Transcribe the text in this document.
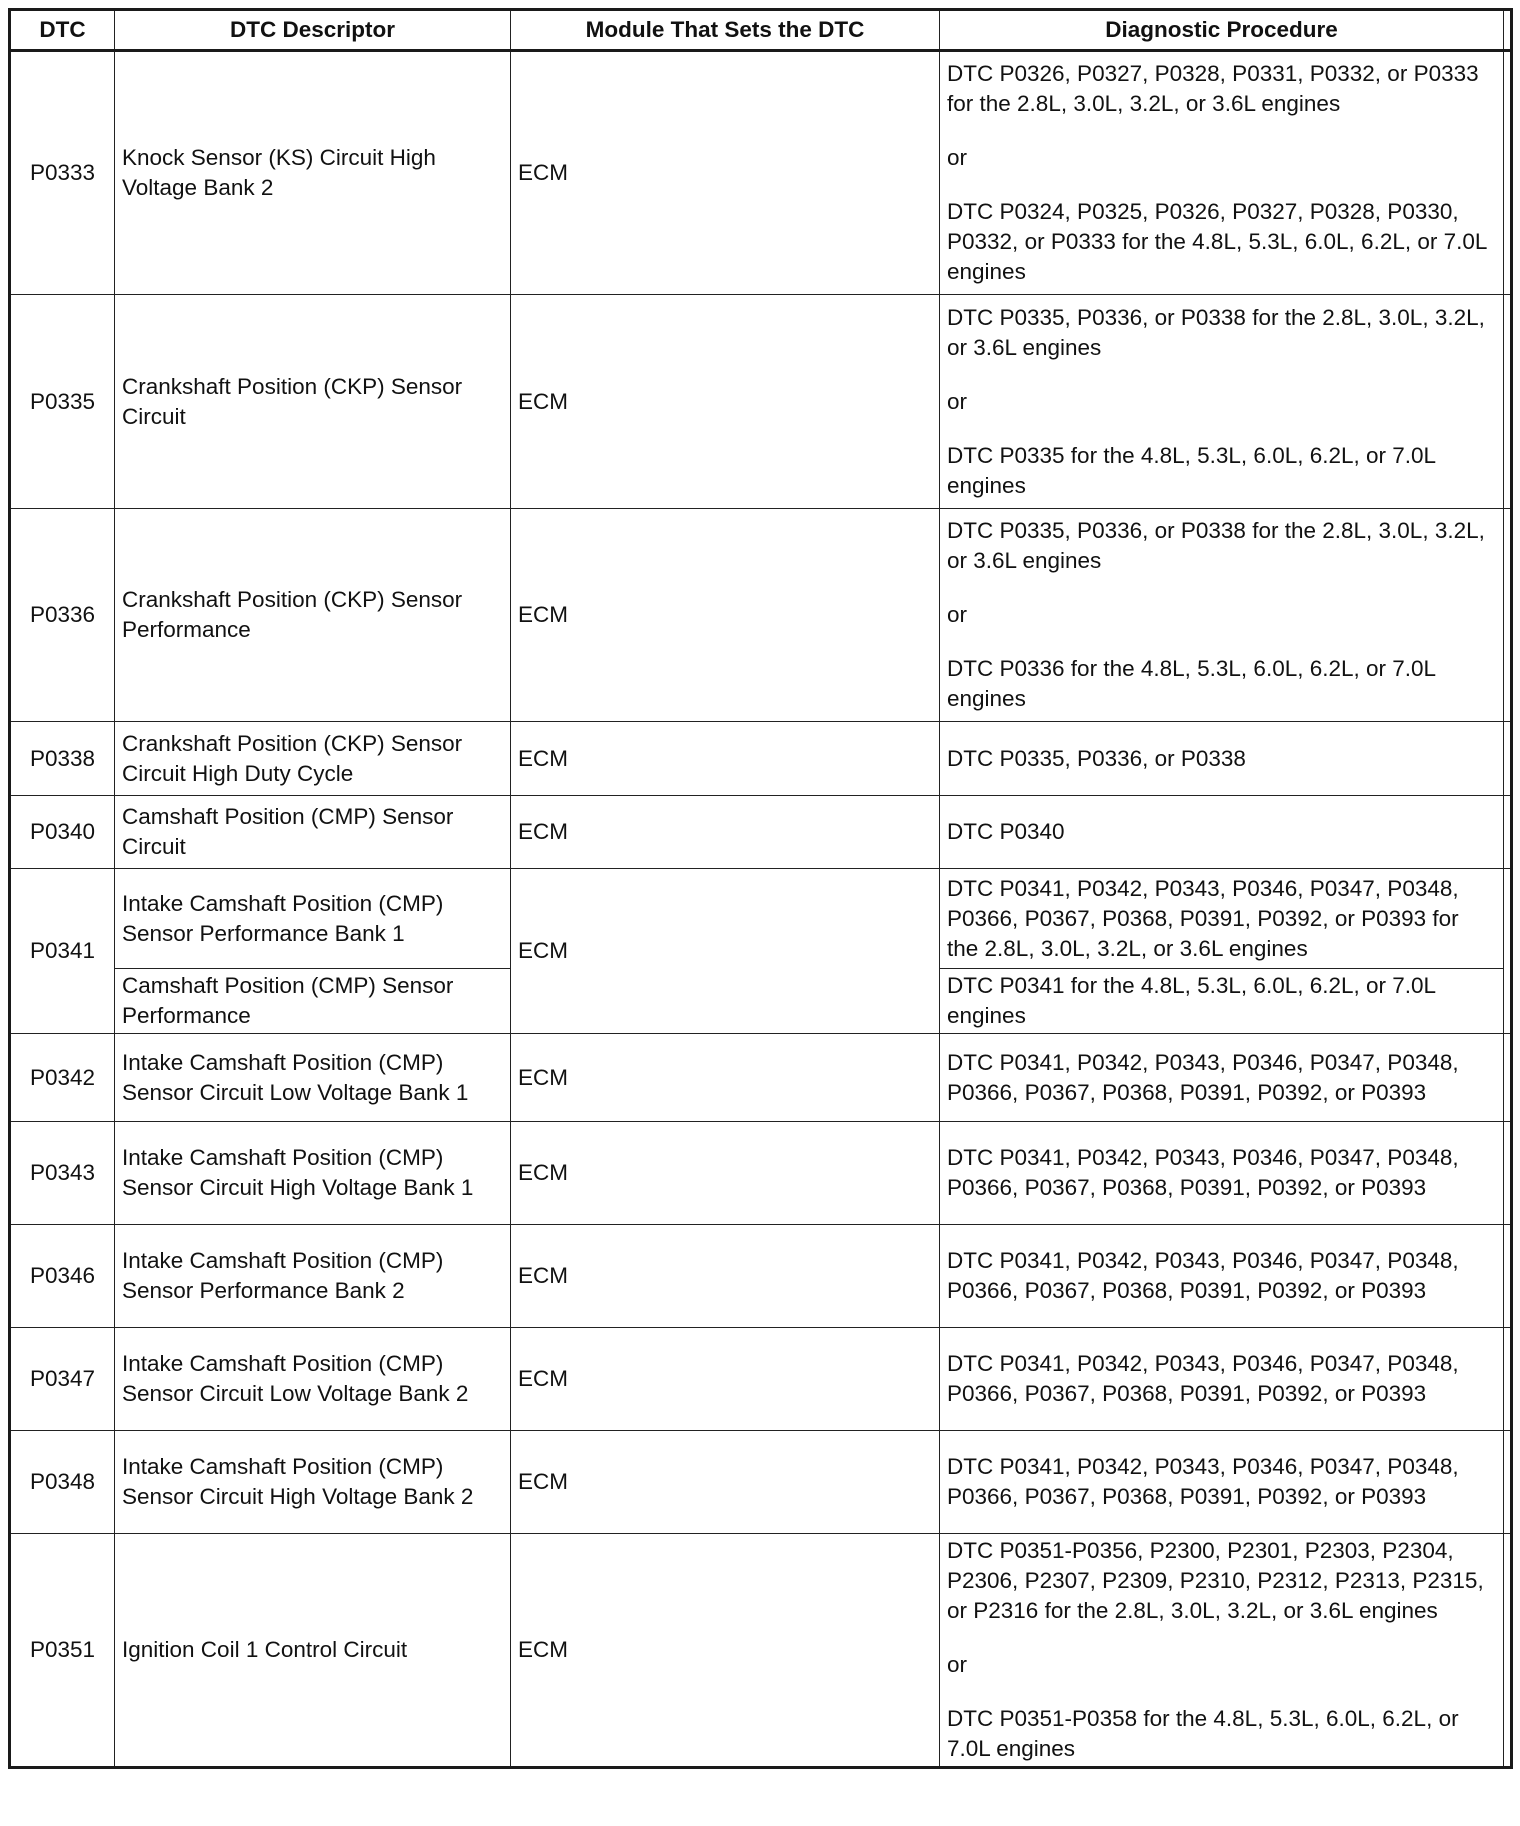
DTC	DTC Descriptor	Module That Sets the DTC	Diagnostic Procedure	
P0333	Knock Sensor (KS) Circuit High Voltage Bank 2	ECM	DTC P0326, P0327, P0328, P0331, P0332, or P0333 for the 2.8L, 3.0L, 3.2L, or 3.6L engines
or
DTC P0324, P0325, P0326, P0327, P0328, P0330, P0332, or P0333 for the 4.8L, 5.3L, 6.0L, 6.2L, or 7.0L engines	

P0335	Crankshaft Position (CKP) Sensor Circuit	ECM	DTC P0335, P0336, or P0338 for the 2.8L, 3.0L, 3.2L, or 3.6L engines
or
DTC P0335 for the 4.8L, 5.3L, 6.0L, 6.2L, or 7.0L engines	

P0336	Crankshaft Position (CKP) Sensor Performance	ECM	DTC P0335, P0336, or P0338 for the 2.8L, 3.0L, 3.2L, or 3.6L engines
or
DTC P0336 for the 4.8L, 5.3L, 6.0L, 6.2L, or 7.0L engines	

P0338	Crankshaft Position (CKP) Sensor Circuit High Duty Cycle	ECM	DTC P0335, P0336, or P0338	

P0340	Camshaft Position (CMP) Sensor Circuit	ECM	DTC P0340	

P0341	Intake Camshaft Position (CMP) Sensor Performance Bank 1	ECM	DTC P0341, P0342, P0343, P0346, P0347, P0348, P0366, P0367, P0368, P0391, P0392, or P0393 for the 2.8L, 3.0L, 3.2L, or 3.6L engines	

	Camshaft Position (CMP) Sensor Performance		DTC P0341 for the 4.8L, 5.3L, 6.0L, 6.2L, or 7.0L engines	

P0342	Intake Camshaft Position (CMP) Sensor Circuit Low Voltage Bank 1	ECM	DTC P0341, P0342, P0343, P0346, P0347, P0348, P0366, P0367, P0368, P0391, P0392, or P0393	

P0343	Intake Camshaft Position (CMP) Sensor Circuit High Voltage Bank 1	ECM	DTC P0341, P0342, P0343, P0346, P0347, P0348, P0366, P0367, P0368, P0391, P0392, or P0393	

P0346	Intake Camshaft Position (CMP) Sensor Performance Bank 2	ECM	DTC P0341, P0342, P0343, P0346, P0347, P0348, P0366, P0367, P0368, P0391, P0392, or P0393	

P0347	Intake Camshaft Position (CMP) Sensor Circuit Low Voltage Bank 2	ECM	DTC P0341, P0342, P0343, P0346, P0347, P0348, P0366, P0367, P0368, P0391, P0392, or P0393	

P0348	Intake Camshaft Position (CMP) Sensor Circuit High Voltage Bank 2	ECM	DTC P0341, P0342, P0343, P0346, P0347, P0348, P0366, P0367, P0368, P0391, P0392, or P0393	

P0351	Ignition Coil 1 Control Circuit	ECM	DTC P0351-P0356, P2300, P2301, P2303, P2304, P2306, P2307, P2309, P2310, P2312, P2313, P2315, or P2316 for the 2.8L, 3.0L, 3.2L, or 3.6L engines
or
DTC P0351-P0358 for the 4.8L, 5.3L, 6.0L, 6.2L, or 7.0L engines	
